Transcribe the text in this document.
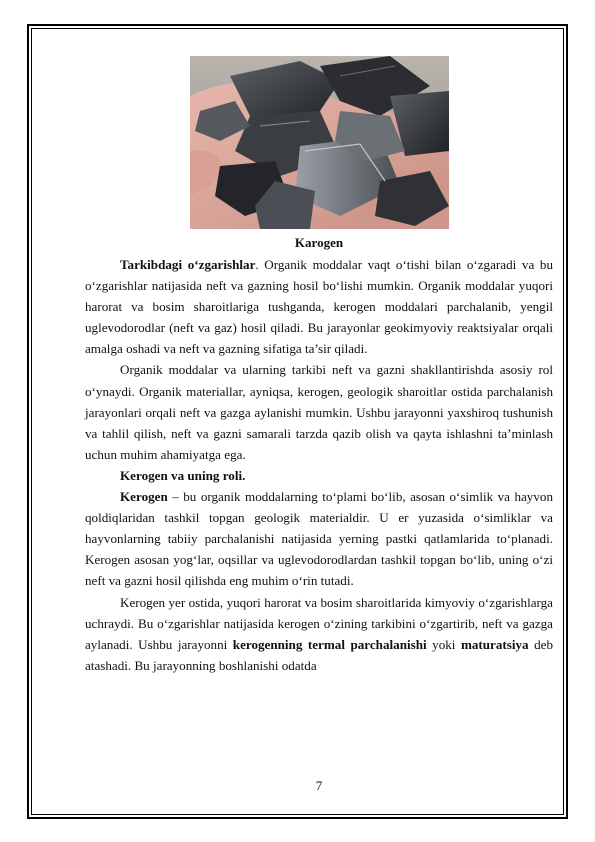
Karogen

Tarkibdagi o‘zgarishlar. Organik moddalar vaqt o‘tishi bilan o‘zgaradi va bu o‘zgarishlar natijasida neft va gazning hosil bo‘lishi mumkin. Organik moddalar yuqori harorat va bosim sharoitlariga tushganda, kerogen moddalari parchalanib, yengil uglevodorodlar (neft va gaz) hosil qiladi. Bu jarayonlar geokimyoviy reaktsiyalar orqali amalga oshadi va neft va gazning sifatiga ta’sir qiladi.

Organik moddalar va ularning tarkibi neft va gazni shakllantirishda asosiy rol o‘ynaydi. Organik materiallar, ayniqsa, kerogen, geologik sharoitlar ostida parchalanish jarayonlari orqali neft va gazga aylanishi mumkin. Ushbu jarayonni yaxshiroq tushunish va tahlil qilish, neft va gazni samarali tarzda qazib olish va qayta ishlashni ta’minlash uchun muhim ahamiyatga ega.

Kerogen va uning roli.

Kerogen – bu organik moddalarning to‘plami bo‘lib, asosan o‘simlik va hayvon qoldiqlaridan tashkil topgan geologik materialdir. U er yuzasida o‘simliklar va hayvonlarning tabiiy parchalanishi natijasida yerning pastki qatlamlarida to‘planadi. Kerogen asosan yog‘lar, oqsillar va uglevodorodlardan tashkil topgan bo‘lib, uning o‘zi neft va gazni hosil qilishda eng muhim o‘rin tutadi.

Kerogen yer ostida, yuqori harorat va bosim sharoitlarida kimyoviy o‘zgarishlarga uchraydi. Bu o‘zgarishlar natijasida kerogen o‘zining tarkibini o‘zgartirib, neft va gazga aylanadi. Ushbu jarayonni kerogenning termal parchalanishi yoki maturatsiya deb atashadi. Bu jarayonning boshlanishi odatda

7
